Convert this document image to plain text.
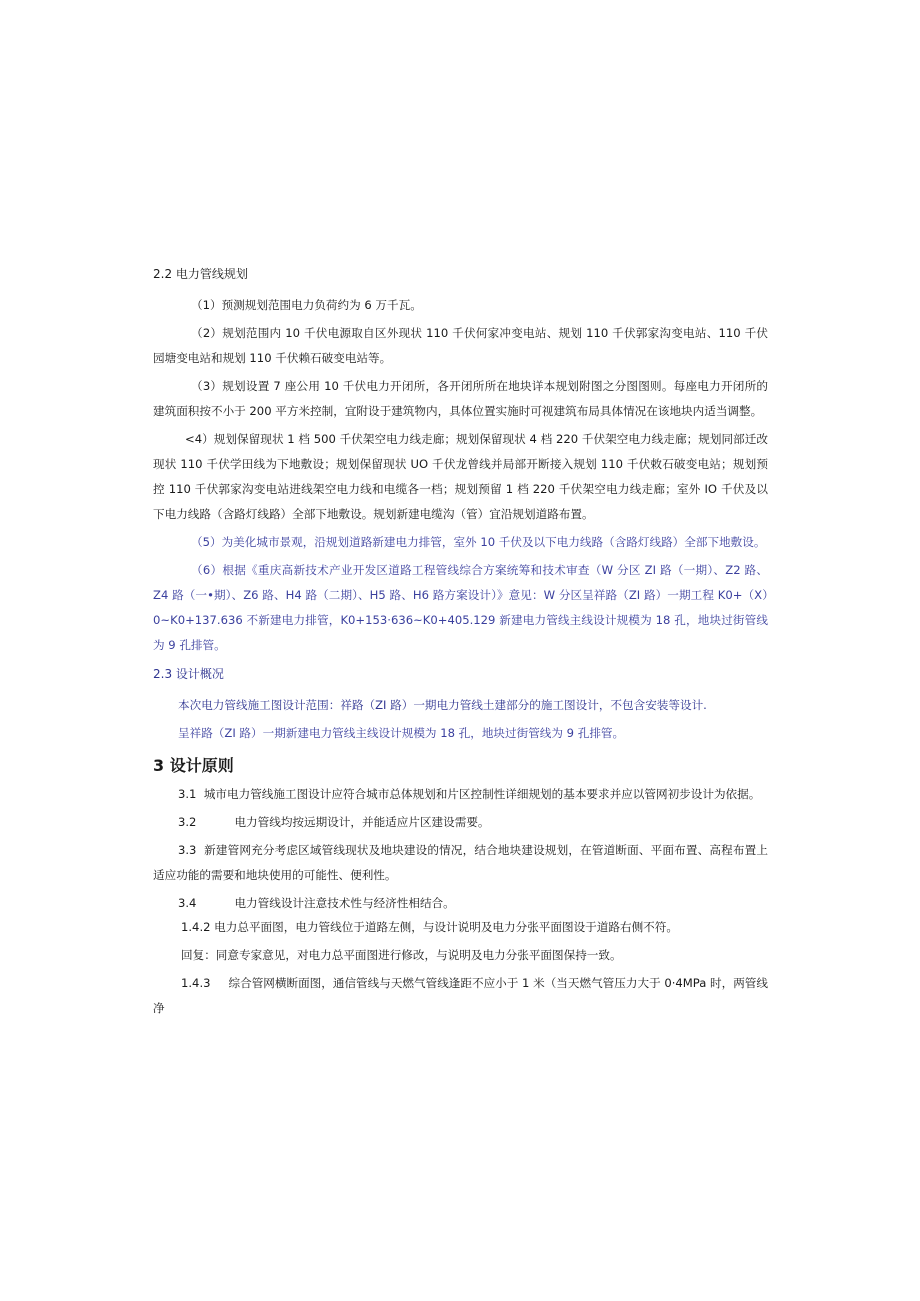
2.2 电力管线规划
（1）预测规划范围电力负荷约为 6 万千瓦。
（2）规划范围内 10 千伏电源取自区外现状 110 千伏何家冲变电站、规划 110 千伏郭家沟变电站、110 千伏园塘变电站和规划 110 千伏赖石破变电站等。
（3）规划设置 7 座公用 10 千伏电力开闭所，各开闭所所在地块详本规划附图之分图图则。每座电力开闭所的建筑面积按不小于 200 平方米控制，宜附设于建筑物内，具体位置实施时可视建筑布局具体情况在该地块内适当调整。
<4）规划保留现状 1 档 500 千伏架空电力线走廊；规划保留现状 4 档 220 千伏架空电力线走廊；规划同部迁改现状 110 千伏学田线为下地敷设；规划保留现状 UO 千伏龙曾线并局部开断接入规划 110 千伏敕石破变电站；规划预控 110 千伏郭家沟变电站进线架空电力线和电缆各一档；规划预留 1 档 220 千伏架空电力线走廊；室外 IO 千伏及以下电力线路（含路灯线路）全部下地敷设。规划新建电缆沟（管）宜沿规划道路布置。
（5）为美化城市景观，沿规划道路新建电力排管，室外 10 千伏及以下电力线路（含路灯线路）全部下地敷设。
（6）根据《重庆高新技术产业开发区道路工程管线综合方案统筹和技术审查（W 分区 ZI 路（一期）、Z2 路、Z4 路（一•期）、Z6 路、H4 路（二期）、H5 路、H6 路方案设计）》意见：W 分区呈祥路（ZI 路）一期工程 K0+（X）0~K0+137.636 不新建电力排管，K0+153·636~K0+405.129 新建电力管线主线设计规模为 18 孔，地块过街管线为 9 孔排管。
2.3 设计概况
本次电力管线施工图设计范围：祥路（ZI 路）一期电力管线土建部分的施工图设计，不包含安装等设计.
呈祥路（ZI 路）一期新建电力管线主线设计规模为 18 孔，地块过街管线为 9 孔排管。
3 设计原则
3.1 城市电力管线施工图设计应符合城市总体规划和片区控制性详细规划的基本要求并应以管网初步设计为依据。
3.2	电力管线均按远期设计，并能适应片区建设需要。
3.3 新建管网充分考虑区域管线现状及地块建设的情况，结合地块建设规划，在管道断面、平面布置、高程布置上适应功能的需要和地块使用的可能性、便利性。
3.4	电力管线设计注意技术性与经济性相结合。
1.4.2 电力总平面图，电力管线位于道路左侧，与设计说明及电力分张平面图设于道路右侧不符。
回复：同意专家意见，对电力总平面图进行修改，与说明及电力分张平面图保持一致。
1.4.3 综合管网横断面图，通信管线与天燃气管线逢距不应小于 1 米（当天燃气管压力大于 0·4MPa 时，两管线净
